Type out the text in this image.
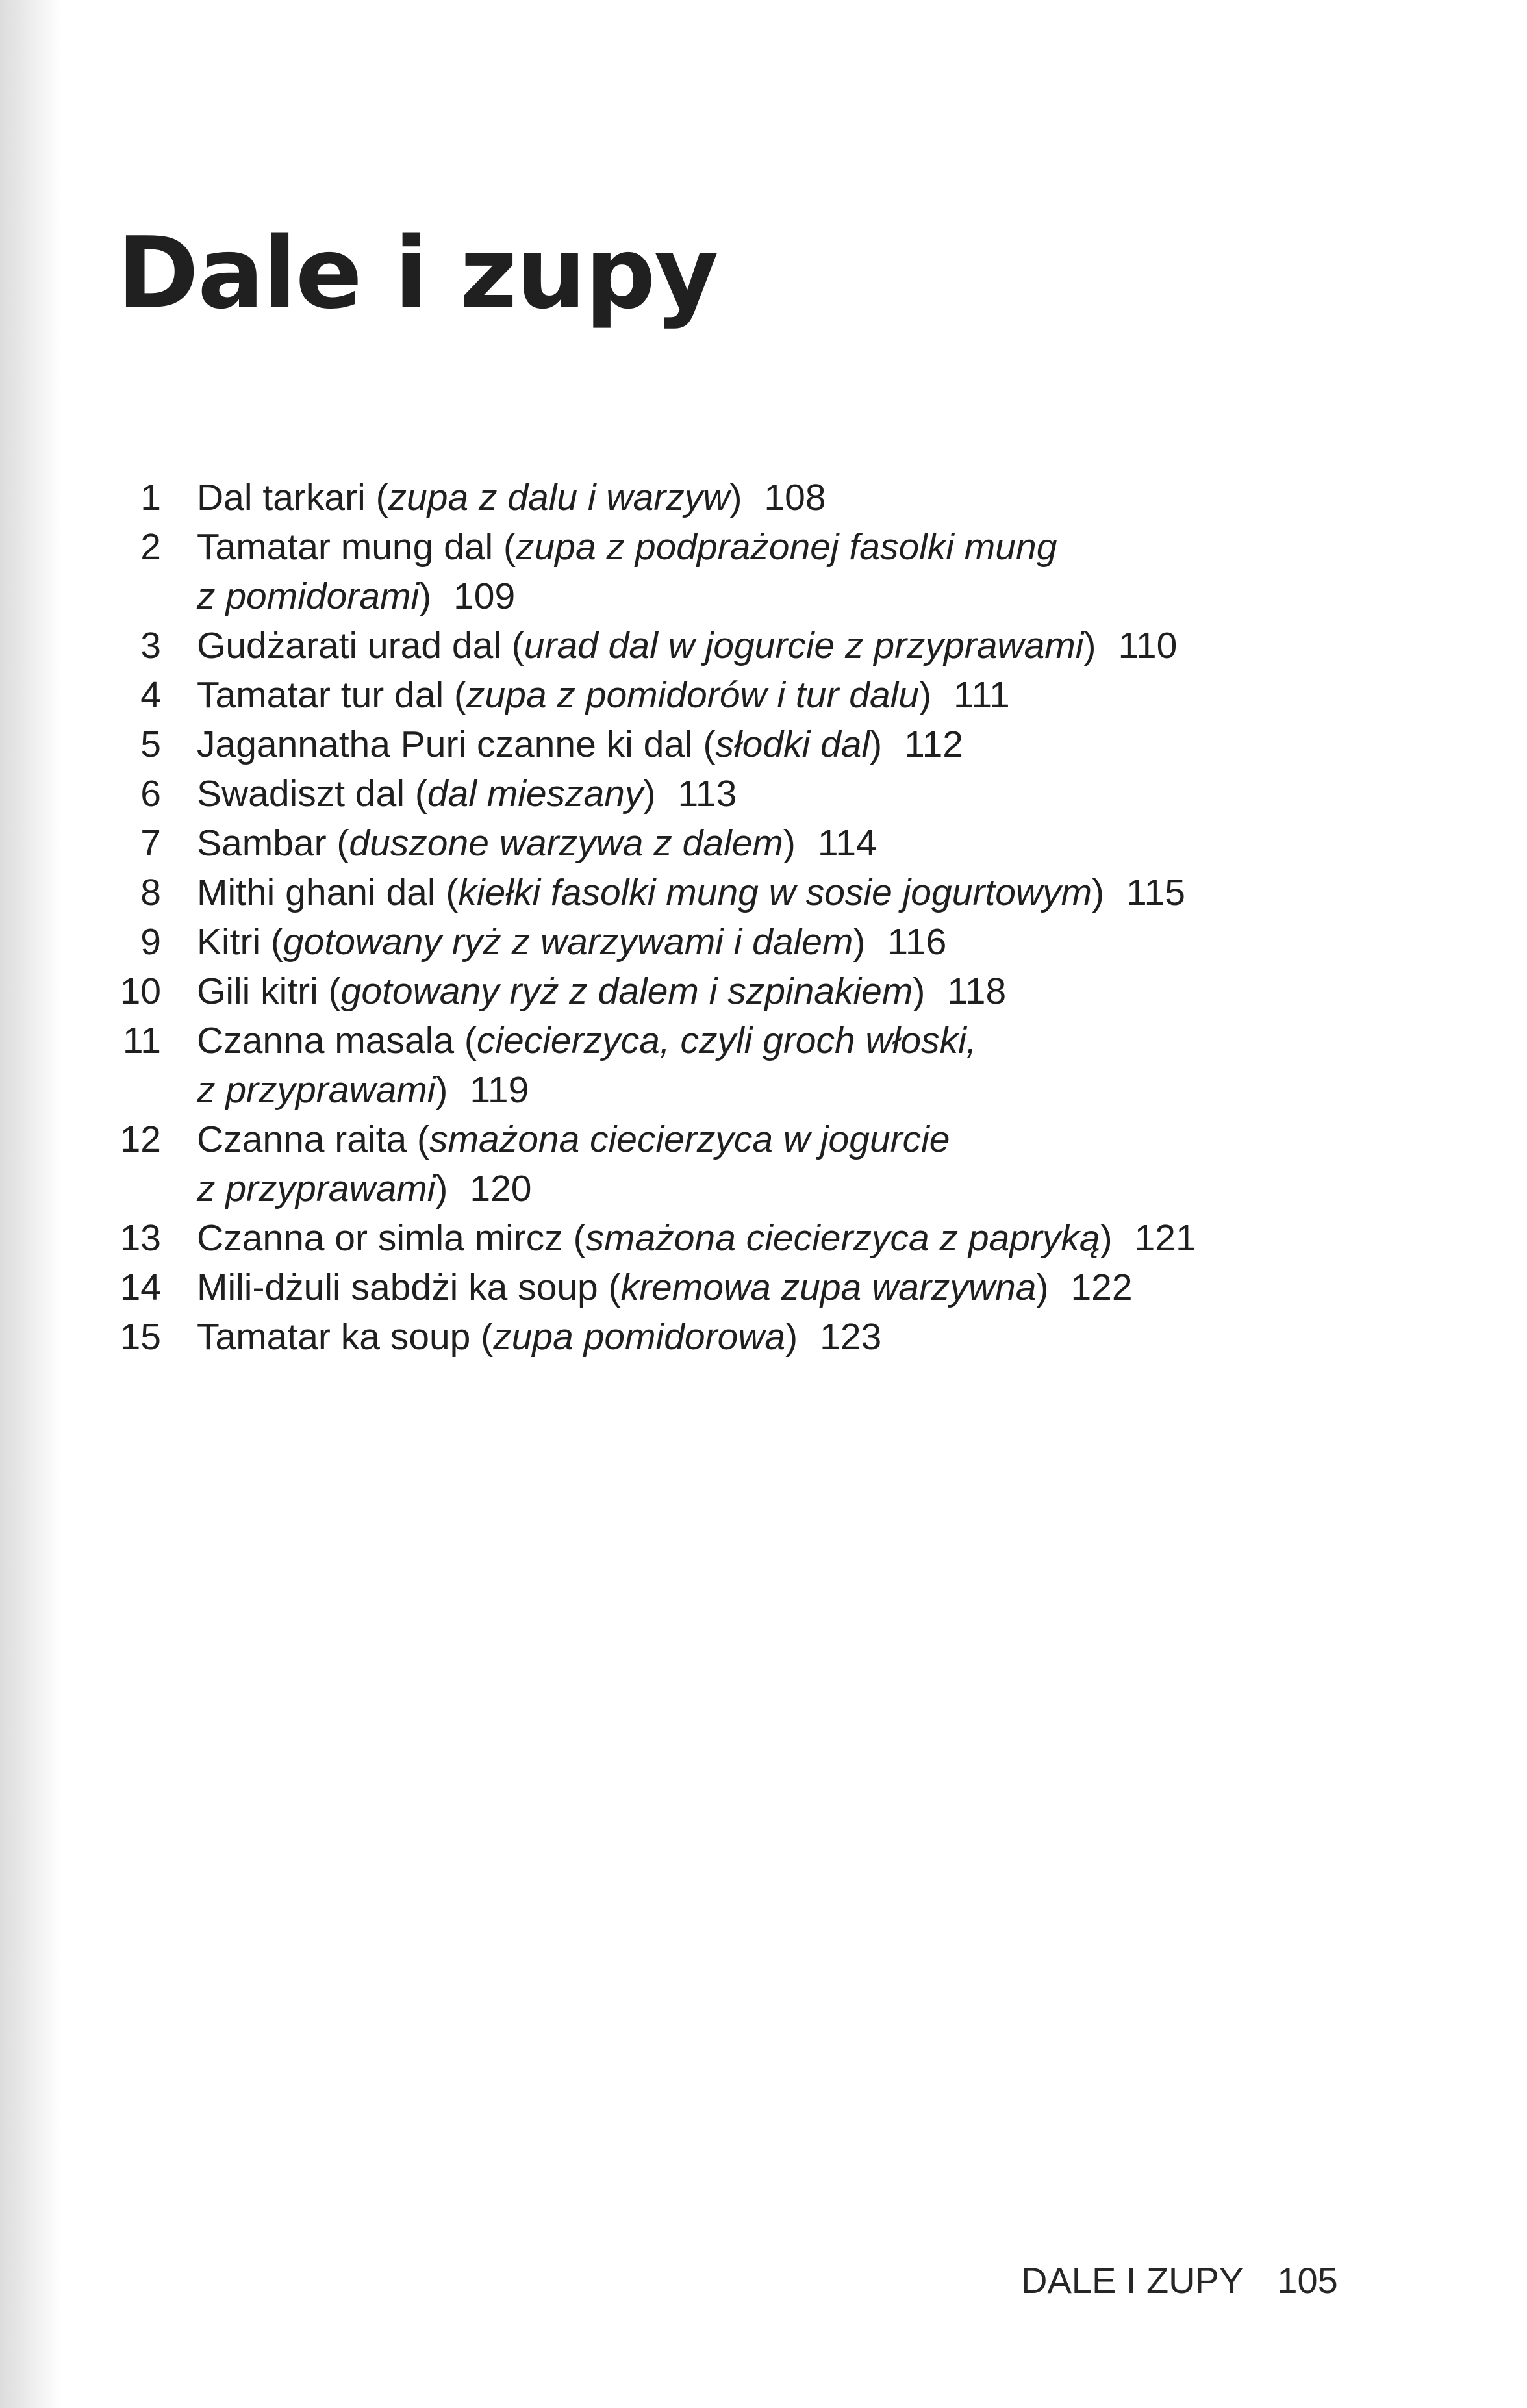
Dale i zupy
1 Dal tarkari (zupa z dalu i warzyw) 108
2 Tamatar mung dal (zupa z podprażonej fasolki mung
z pomidorami) 109
3 Gudżarati urad dal (urad dal w jogurcie z przyprawami) 110
4 Tamatar tur dal (zupa z pomidorów i tur dalu) 111
5 Jagannatha Puri czanne ki dal (słodki dal) 112
6 Swadiszt dal (dal mieszany) 113
7 Sambar (duszone warzywa z dalem) 114
8 Mithi ghani dal (kiełki fasolki mung w sosie jogurtowym) 115
9 Kitri (gotowany ryż z warzywami i dalem) 116
10 Gili kitri (gotowany ryż z dalem i szpinakiem) 118
11 Czanna masala (ciecierzyca, czyli groch włoski,
z przyprawami) 119
12 Czanna raita (smażona ciecierzyca w jogurcie
z przyprawami) 120
13 Czanna or simla mircz (smażona ciecierzyca z papryką) 121
14 Mili-dżuli sabdżi ka soup (kremowa zupa warzywna) 122
15 Tamatar ka soup (zupa pomidorowa) 123
DALE I ZUPY 105
